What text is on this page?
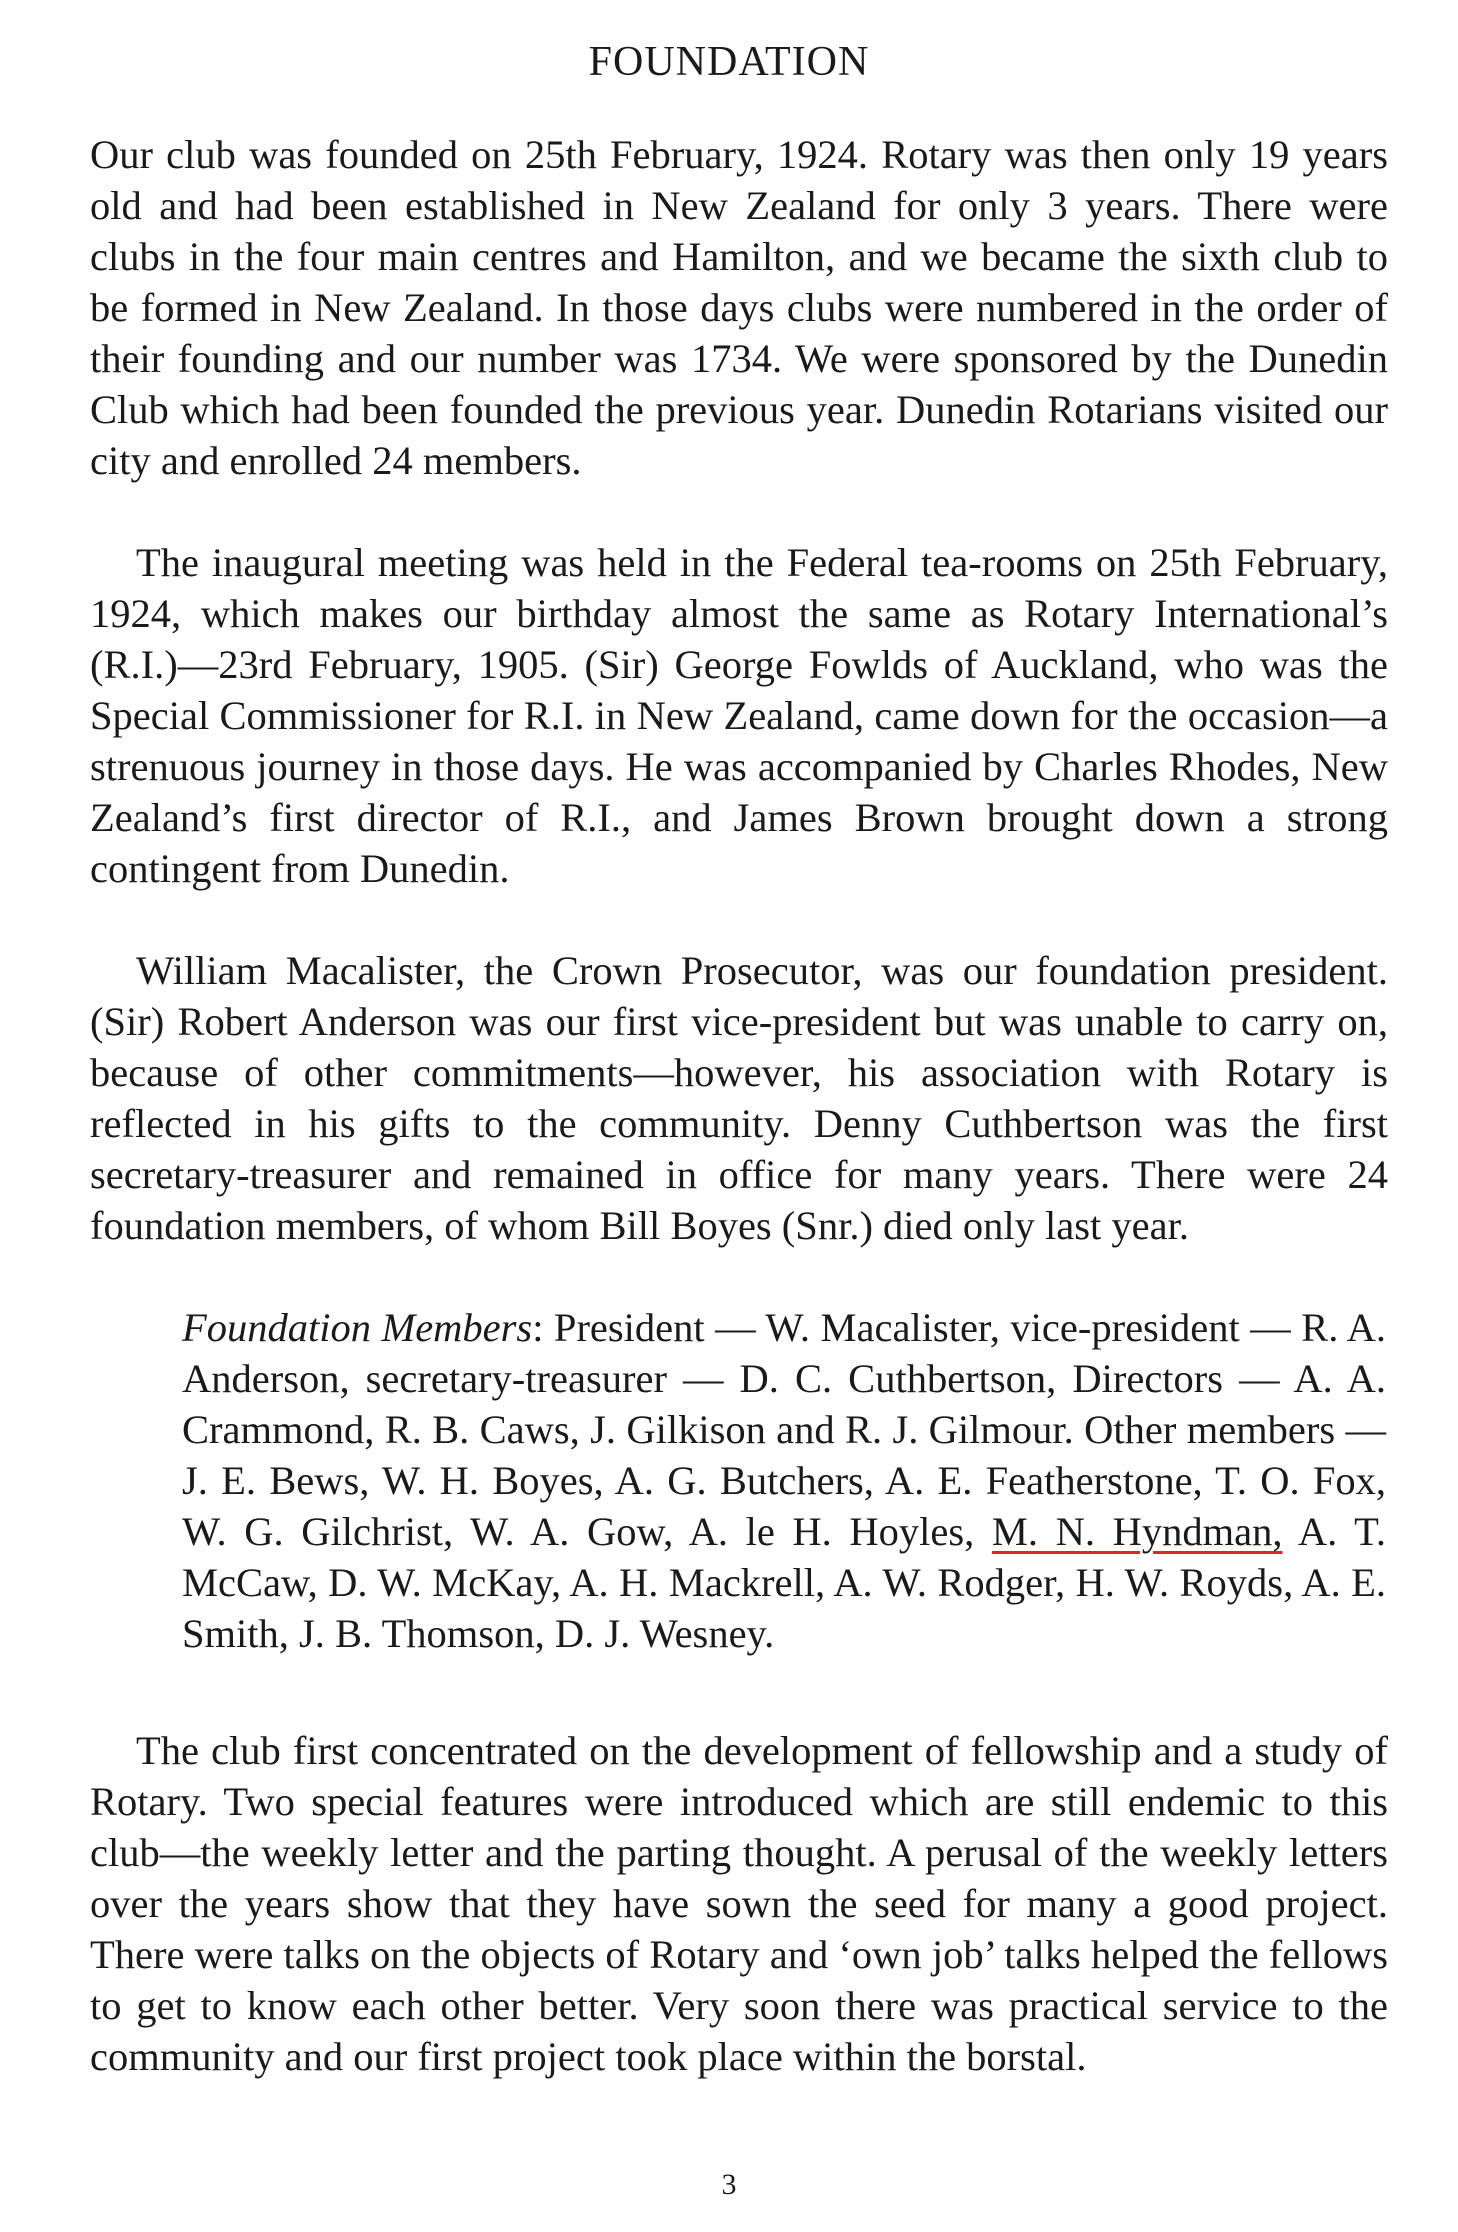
FOUNDATION

Our club was founded on 25th February, 1924. Rotary was then only 19 years old and had been established in New Zealand for only 3 years. There were clubs in the four main centres and Hamilton, and we became the sixth club to be formed in New Zealand. In those days clubs were numbered in the order of their founding and our number was 1734. We were sponsored by the Dunedin Club which had been founded the previous year. Dunedin Rotarians visited our city and enrolled 24 members.

The inaugural meeting was held in the Federal tea-rooms on 25th February, 1924, which makes our birthday almost the same as Rotary International’s (R.I.)—23rd February, 1905. (Sir) George Fowlds of Auckland, who was the Special Commissioner for R.I. in New Zealand, came down for the occasion—a strenuous journey in those days. He was accompanied by Charles Rhodes, New Zealand’s first director of R.I., and James Brown brought down a strong contingent from Dunedin.

William Macalister, the Crown Prosecutor, was our foundation president. (Sir) Robert Anderson was our first vice-president but was unable to carry on, because of other commitments—however, his association with Rotary is reflected in his gifts to the community. Denny Cuthbertson was the first secretary-treasurer and remained in office for many years. There were 24 foundation members, of whom Bill Boyes (Snr.) died only last year.

Foundation Members: President — W. Macalister, vice-president — R. A. Anderson, secretary-treasurer — D. C. Cuthbertson, Directors — A. A. Crammond, R. B. Caws, J. Gilkison and R. J. Gilmour. Other members — J. E. Bews, W. H. Boyes, A. G. Butchers, A. E. Featherstone, T. O. Fox, W. G. Gilchrist, W. A. Gow, A. le H. Hoyles, M. N. Hyndman, A. T. McCaw, D. W. McKay, A. H. Mackrell, A. W. Rodger, H. W. Royds, A. E. Smith, J. B. Thomson, D. J. Wesney.

The club first concentrated on the development of fellowship and a study of Rotary. Two special features were introduced which are still endemic to this club—the weekly letter and the parting thought. A perusal of the weekly letters over the years show that they have sown the seed for many a good project. There were talks on the objects of Rotary and ‘own job’ talks helped the fellows to get to know each other better. Very soon there was practical service to the community and our first project took place within the borstal.

3
